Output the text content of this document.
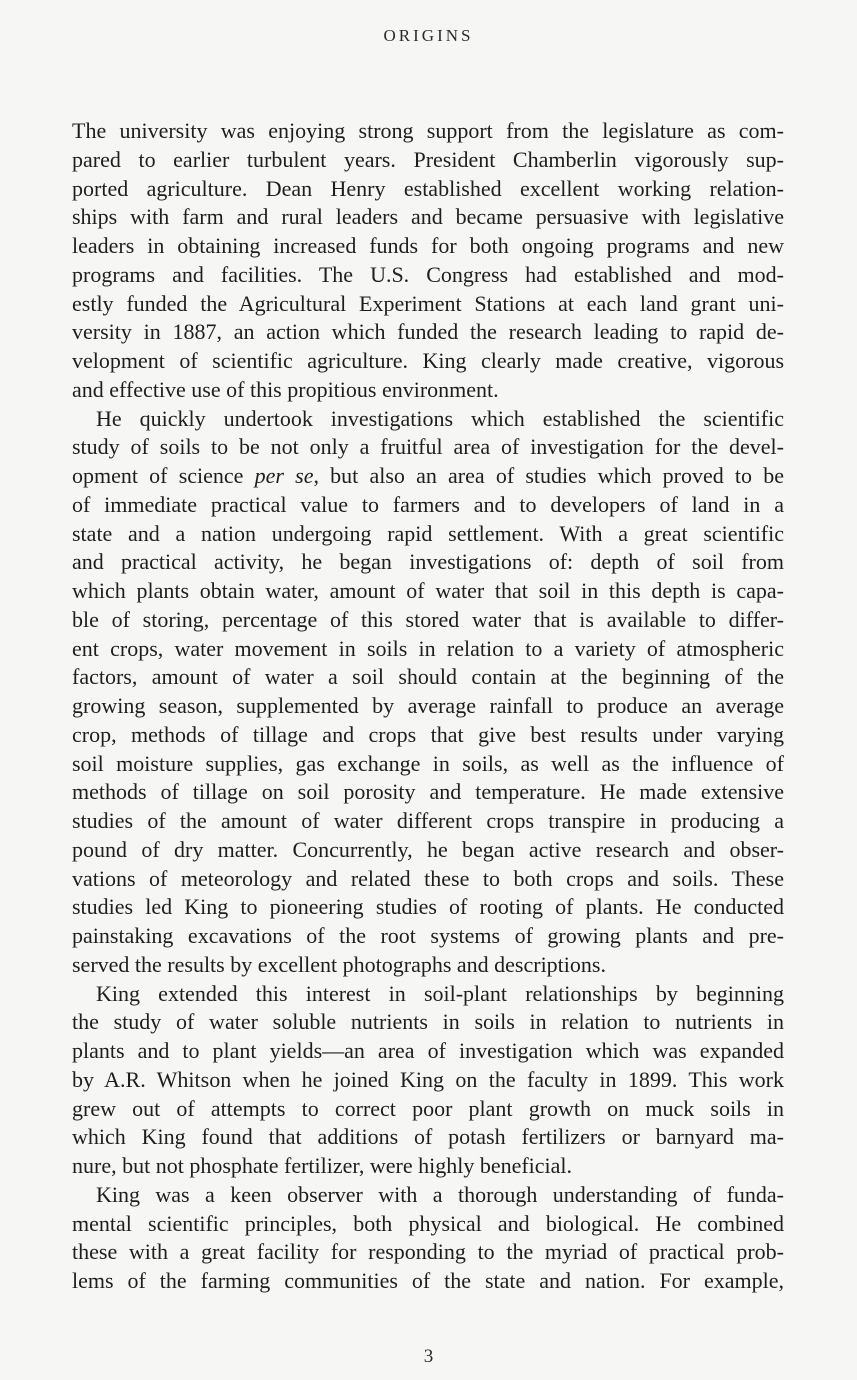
ORIGINS
The university was enjoying strong support from the legislature as com-
pared to earlier turbulent years. President Chamberlin vigorously sup-
ported agriculture. Dean Henry established excellent working relation-
ships with farm and rural leaders and became persuasive with legislative
leaders in obtaining increased funds for both ongoing programs and new
programs and facilities. The U.S. Congress had established and mod-
estly funded the Agricultural Experiment Stations at each land grant uni-
versity in 1887, an action which funded the research leading to rapid de-
velopment of scientific agriculture. King clearly made creative, vigorous
and effective use of this propitious environment.
He quickly undertook investigations which established the scientific
study of soils to be not only a fruitful area of investigation for the devel-
opment of science per se, but also an area of studies which proved to be
of immediate practical value to farmers and to developers of land in a
state and a nation undergoing rapid settlement. With a great scientific
and practical activity, he began investigations of: depth of soil from
which plants obtain water, amount of water that soil in this depth is capa-
ble of storing, percentage of this stored water that is available to differ-
ent crops, water movement in soils in relation to a variety of atmospheric
factors, amount of water a soil should contain at the beginning of the
growing season, supplemented by average rainfall to produce an average
crop, methods of tillage and crops that give best results under varying
soil moisture supplies, gas exchange in soils, as well as the influence of
methods of tillage on soil porosity and temperature. He made extensive
studies of the amount of water different crops transpire in producing a
pound of dry matter. Concurrently, he began active research and obser-
vations of meteorology and related these to both crops and soils. These
studies led King to pioneering studies of rooting of plants. He conducted
painstaking excavations of the root systems of growing plants and pre-
served the results by excellent photographs and descriptions.
King extended this interest in soil-plant relationships by beginning
the study of water soluble nutrients in soils in relation to nutrients in
plants and to plant yields—an area of investigation which was expanded
by A.R. Whitson when he joined King on the faculty in 1899. This work
grew out of attempts to correct poor plant growth on muck soils in
which King found that additions of potash fertilizers or barnyard ma-
nure, but not phosphate fertilizer, were highly beneficial.
King was a keen observer with a thorough understanding of funda-
mental scientific principles, both physical and biological. He combined
these with a great facility for responding to the myriad of practical prob-
lems of the farming communities of the state and nation. For example,
3
